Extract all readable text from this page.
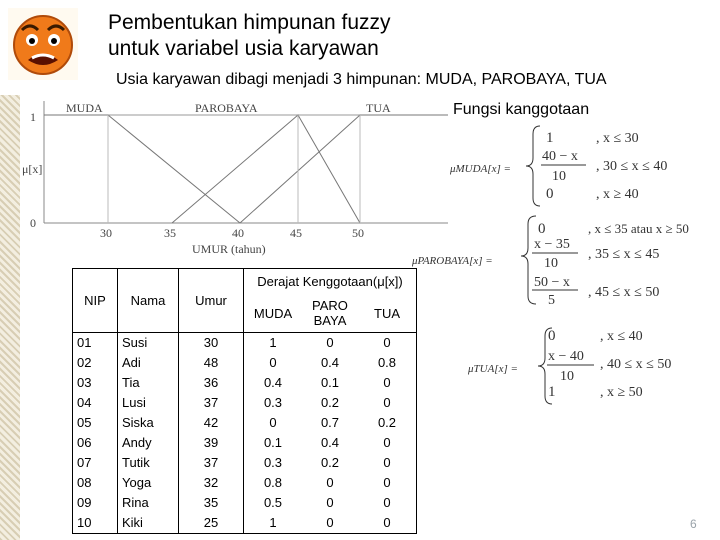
Pembentukan himpunan fuzzy
untuk variabel usia karyawan
Usia karyawan dibagi menjadi 3 himpunan: MUDA, PAROBAYA, TUA
Fungsi kanggotaan
MUDA	PAROBAYA	TUA
1
0
μ[x]
30	35	40	45	50
UMUR (tahun)
μMUDA[x] =
1	, x ≤ 30
40 − x
10
, 30 ≤ x ≤ 40
0	, x ≥ 40
μPAROBAYA[x] =
0	, x ≤ 35 atau x ≥ 50
x − 35
10
, 35 ≤ x ≤ 45
50 − x
5
, 45 ≤ x ≤ 50
μTUA[x] =
0	, x ≤ 40
x − 40
10
, 40 ≤ x ≤ 50
1	, x ≥ 50
NIP	Nama	Umur	Derajat Kenggotaan(μ[x])		
			MUDA	PARO BAYA	TUA
01	Susi	30	1	0	0
02	Adi	48	0	0.4	0.8
03	Tia	36	0.4	0.1	0
04	Lusi	37	0.3	0.2	0
05	Siska	42	0	0.7	0.2
06	Andy	39	0.1	0.4	0
07	Tutik	37	0.3	0.2	0
08	Yoga	32	0.8	0	0
09	Rina	35	0.5	0	0
10	Kiki	25	1	0	0	6
